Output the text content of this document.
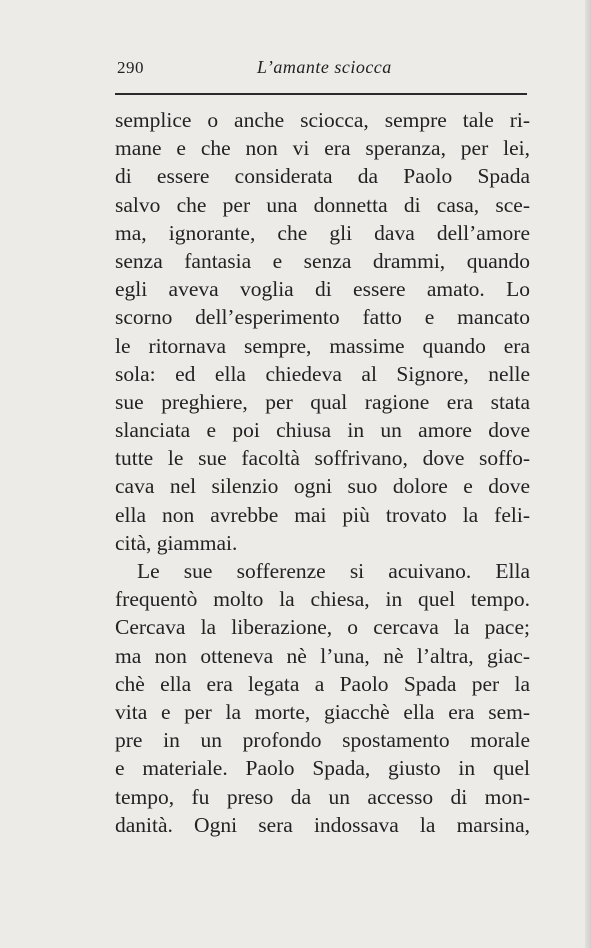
290	L’amante sciocca
semplice o anche sciocca, sempre tale ri-
mane e che non vi era speranza, per lei,
di essere considerata da Paolo Spada
salvo che per una donnetta di casa, sce-
ma, ignorante, che gli dava dell’amore
senza fantasia e senza drammi, quando
egli aveva voglia di essere amato. Lo
scorno dell’esperimento fatto e mancato
le ritornava sempre, massime quando era
sola: ed ella chiedeva al Signore, nelle
sue preghiere, per qual ragione era stata
slanciata e poi chiusa in un amore dove
tutte le sue facoltà soffrivano, dove soffo-
cava nel silenzio ogni suo dolore e dove
ella non avrebbe mai più trovato la feli-
cità, giammai.
Le sue sofferenze si acuivano. Ella
frequentò molto la chiesa, in quel tempo.
Cercava la liberazione, o cercava la pace;
ma non otteneva nè l’una, nè l’altra, giac-
chè ella era legata a Paolo Spada per la
vita e per la morte, giacchè ella era sem-
pre in un profondo spostamento morale
e materiale. Paolo Spada, giusto in quel
tempo, fu preso da un accesso di mon-
danità. Ogni sera indossava la marsina,
